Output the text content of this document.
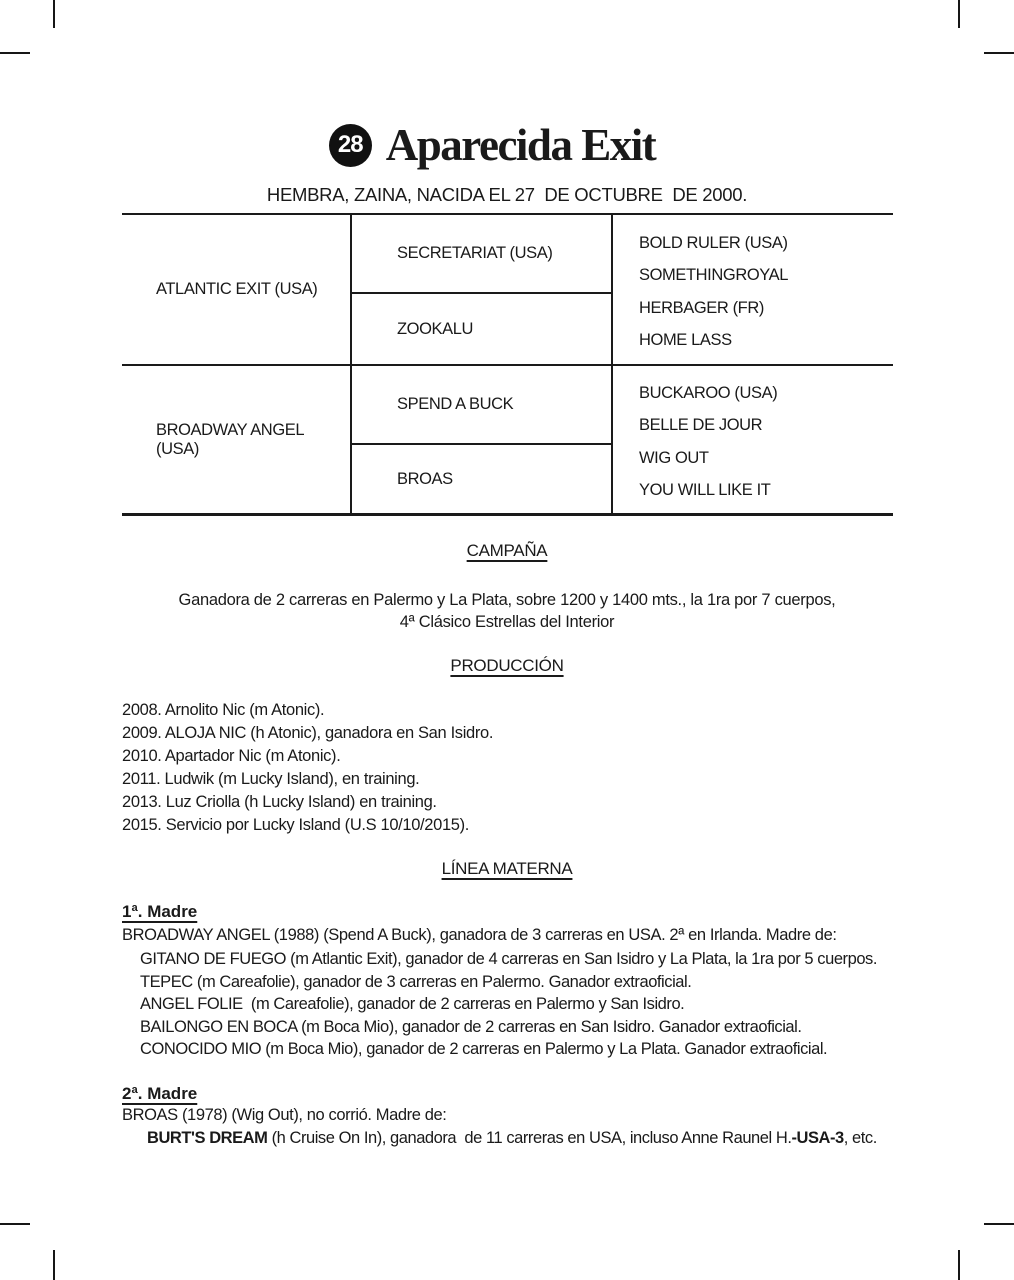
28 Aparecida Exit
HEMBRA, ZAINA, NACIDA EL 27  DE OCTUBRE  DE 2000.
ATLANTIC EXIT (USA)
BROADWAY ANGEL (USA)
SECRETARIAT (USA)
ZOOKALU
SPEND A BUCK
BROAS
BOLD RULER (USA)
SOMETHINGROYAL
HERBAGER (FR)
HOME LASS
BUCKAROO (USA)
BELLE DE JOUR
WIG OUT
YOU WILL LIKE IT
CAMPAÑA
Ganadora de 2 carreras en Palermo y La Plata, sobre 1200 y 1400 mts., la 1ra por 7 cuerpos,
4ª Clásico Estrellas del Interior
PRODUCCIÓN
2008. Arnolito Nic (m Atonic).
2009. ALOJA NIC (h Atonic), ganadora en San Isidro.
2010. Apartador Nic (m Atonic).
2011. Ludwik (m Lucky Island), en training.
2013. Luz Criolla (h Lucky Island) en training.
2015. Servicio por Lucky Island (U.S 10/10/2015).
LÍNEA MATERNA
1ª. Madre
BROADWAY ANGEL (1988) (Spend A Buck), ganadora de 3 carreras en USA. 2ª en Irlanda. Madre de:
GITANO DE FUEGO (m Atlantic Exit), ganador de 4 carreras en San Isidro y La Plata, la 1ra por 5 cuerpos.
TEPEC (m Careafolie), ganador de 3 carreras en Palermo. Ganador extraoficial.
ANGEL FOLIE  (m Careafolie), ganador de 2 carreras en Palermo y San Isidro.
BAILONGO EN BOCA (m Boca Mio), ganador de 2 carreras en San Isidro. Ganador extraoficial.
CONOCIDO MIO (m Boca Mio), ganador de 2 carreras en Palermo y La Plata. Ganador extraoficial.
2ª. Madre
BROAS (1978) (Wig Out), no corrió. Madre de:
BURT'S DREAM (h Cruise On In), ganadora  de 11 carreras en USA, incluso Anne Raunel H.-USA-3, etc.
